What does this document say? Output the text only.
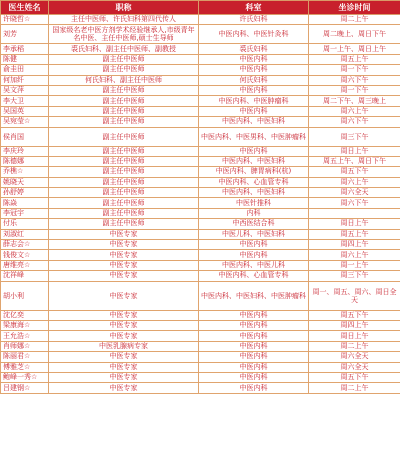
医生姓名	职称	科室	坐诊时间
许晓哲☆	主任中医师、许氏妇科第四代传人	许氏妇科	周二上午
刘芳	国家级名老中医方剂学术经验继承人,市级青年名中医、主任中医师,硕士生导师	中医内科、中医针灸科	周二晚上、周日下午
李承稻	裘氏妇科、副主任中医师、副教授	裘氏妇科	周一上午、周日上午
陈健	副主任中医师	中医内科	周五上午
俞圭田	副主任中医师	中医内科	周一下午
何加纤	何氏妇科、副主任中医师	何氏妇科	周六下午
吴文萍	副主任中医师	中医内科	周一下午
李大卫	副主任中医师	中医内科、中医肿瘤科	周二下午、周三晚上
吴国英	副主任中医师	中医内科	周六上午
吴宛莹☆	副主任中医师	中医内科、中医妇科	周六下午
侯肖国	副主任中医师	中医内科、中医男科、中医肿瘤科	周三下午
李庆玲	副主任中医师	中医内科	周日上午
陈德娜	副主任中医师	中医内科、中医妇科	周五上午、周日下午
乔樵☆	副主任中医师	中医内科、脾胃病科(杭)	周五下午
姚晓天	副主任中医师	中医内科、心血管专科	周六上午
孙舒婷	副主任中医师	中医内科、中医妇科	周六全天
陈焱	副主任中医师	中医针推科	周六下午
李冠宇	副主任中医师	内科	
付乐	副主任中医师	中西医结合科	周日上午
刘淑红	中医专家	中医儿科、中医妇科	周五上午
薛志会☆	中医专家	中医内科	周四上午
钱俊文☆	中医专家	中医内科	周六上午
唐维亮☆	中医专家	中医内科、中医儿科	周一上午
沈祥峰	中医专家	中医内科、心血管专科	周三下午
胡小利	中医专家	中医内科、中医妇科、中医肿瘤科	周一、周五、周六、周日全天
沈亿奕	中医专家	中医内科	周五下午
梁康海☆	中医专家	中医内科	周四上午
王允浩☆	中医专家	中医内科	周日上午
肖师娜☆	中医乳腺病专家	中医内科	周二上午
陈丽君☆	中医专家	中医内科	周六全天
傅雅芝☆	中医专家	中医内科	周六全天
鲍峰一秀☆	中医专家	中医内科	周五下午
吕建钢☆	中医专家	中医内科	周二上午
